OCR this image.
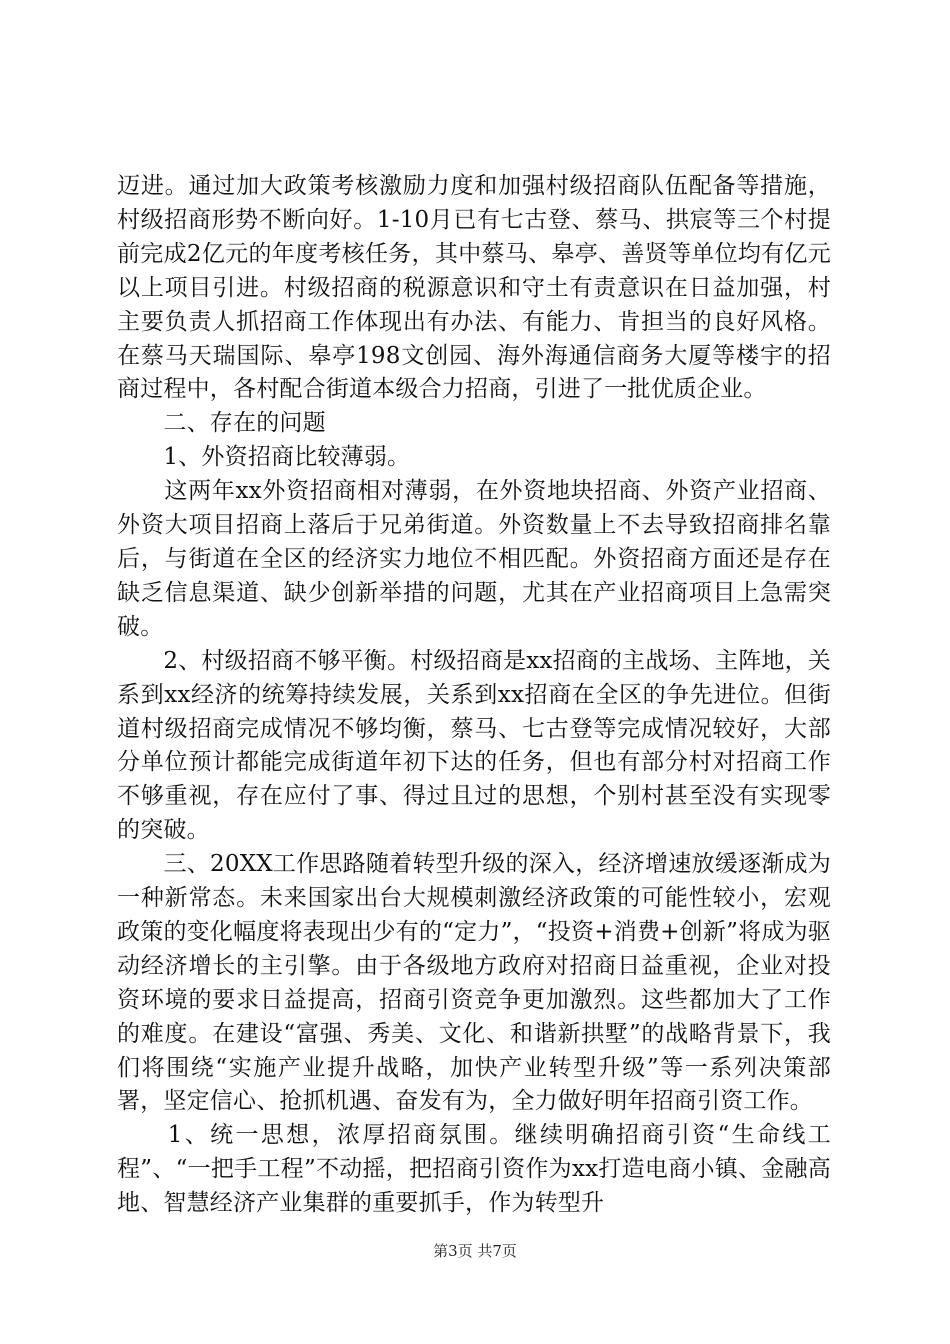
迈进。通过加大政策考核激励力度和加强村级招商队伍配备等措施，村级招商形势不断向好。1-10月已有七古登、蔡马、拱宸等三个村提前完成2亿元的年度考核任务，其中蔡马、皋亭、善贤等单位均有亿元以上项目引进。村级招商的税源意识和守土有责意识在日益加强，村主要负责人抓招商工作体现出有办法、有能力、肯担当的良好风格。在蔡马天瑞国际、皋亭198文创园、海外海通信商务大厦等楼宇的招商过程中，各村配合街道本级合力招商，引进了一批优质企业。

　　二、存在的问题

　　1、外资招商比较薄弱。

　　这两年xx外资招商相对薄弱，在外资地块招商、外资产业招商、外资大项目招商上落后于兄弟街道。外资数量上不去导致招商排名靠后，与街道在全区的经济实力地位不相匹配。外资招商方面还是存在缺乏信息渠道、缺少创新举措的问题，尤其在产业招商项目上急需突破。

　　2、村级招商不够平衡。村级招商是xx招商的主战场、主阵地，关系到xx经济的统筹持续发展，关系到xx招商在全区的争先进位。但街道村级招商完成情况不够均衡，蔡马、七古登等完成情况较好，大部分单位预计都能完成街道年初下达的任务，但也有部分村对招商工作不够重视，存在应付了事、得过且过的思想，个别村甚至没有实现零的突破。

　　三、20XX工作思路随着转型升级的深入，经济增速放缓逐渐成为一种新常态。未来国家出台大规模刺激经济政策的可能性较小，宏观政策的变化幅度将表现出少有的“定力”，“投资+消费+创新”将成为驱动经济增长的主引擎。由于各级地方政府对招商日益重视，企业对投资环境的要求日益提高，招商引资竞争更加激烈。这些都加大了工作的难度。在建设“富强、秀美、文化、和谐新拱墅”的战略背景下，我们将围绕“实施产业提升战略，加快产业转型升级”等一系列决策部署，坚定信心、抢抓机遇、奋发有为，全力做好明年招商引资工作。

　　1、统一思想，浓厚招商氛围。继续明确招商引资“生命线工程”、“一把手工程”不动摇，把招商引资作为xx打造电商小镇、金融高地、智慧经济产业集群的重要抓手，作为转型升

第3页 共7页
